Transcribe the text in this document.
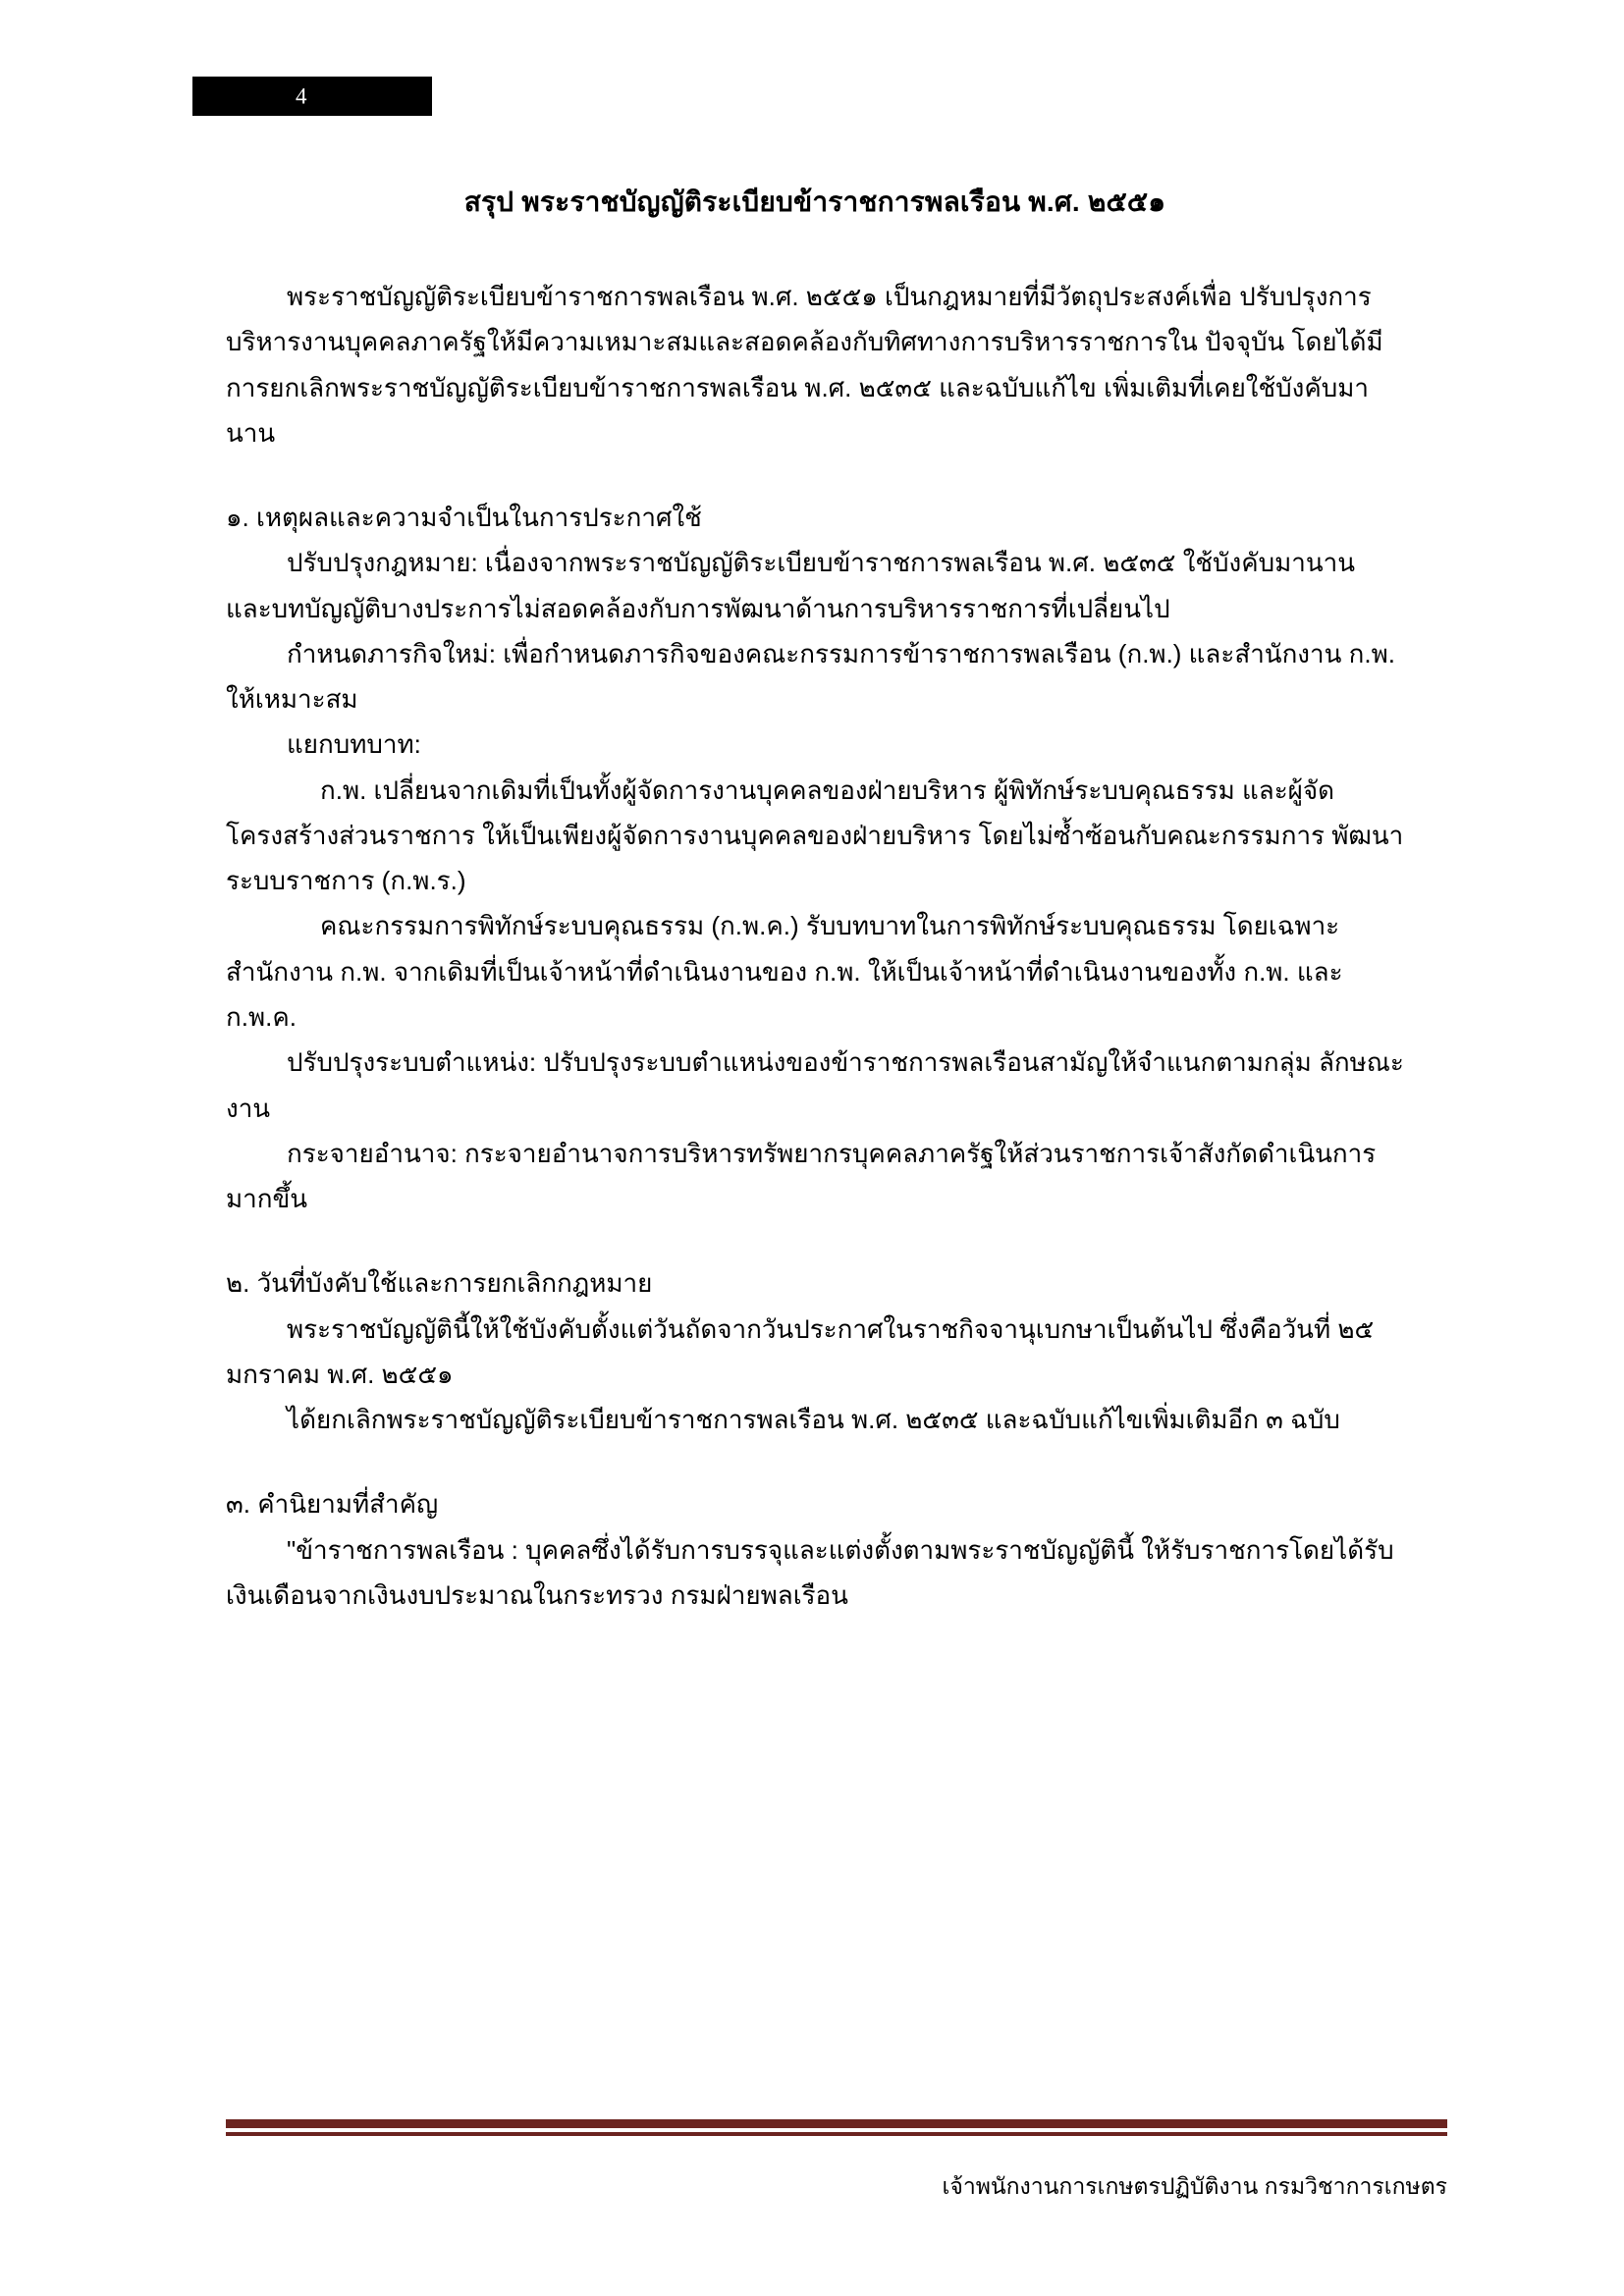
4
สรุป พระราชบัญญัติระเบียบข้าราชการพลเรือน พ.ศ. ๒๕๕๑

พระราชบัญญัติระเบียบข้าราชการพลเรือน พ.ศ. ๒๕๕๑ เป็นกฎหมายที่มีวัตถุประสงค์เพื่อ ปรับปรุงการบริหารงานบุคคลภาครัฐให้มีความเหมาะสมและสอดคล้องกับทิศทางการบริหารราชการใน ปัจจุบัน โดยได้มีการยกเลิกพระราชบัญญัติระเบียบข้าราชการพลเรือน พ.ศ. ๒๕๓๕ และฉบับแก้ไข เพิ่มเติมที่เคยใช้บังคับมานาน

๑. เหตุผลและความจำเป็นในการประกาศใช้

ปรับปรุงกฎหมาย: เนื่องจากพระราชบัญญัติระเบียบข้าราชการพลเรือน พ.ศ. ๒๕๓๕ ใช้บังคับมานาน และบทบัญญัติบางประการไม่สอดคล้องกับการพัฒนาด้านการบริหารราชการที่เปลี่ยนไป

กำหนดภารกิจใหม่: เพื่อกำหนดภารกิจของคณะกรรมการข้าราชการพลเรือน (ก.พ.) และสำนักงาน ก.พ. ให้เหมาะสม

แยกบทบาท:

ก.พ. เปลี่ยนจากเดิมที่เป็นทั้งผู้จัดการงานบุคคลของฝ่ายบริหาร ผู้พิทักษ์ระบบคุณธรรม และผู้จัด โครงสร้างส่วนราชการ ให้เป็นเพียงผู้จัดการงานบุคคลของฝ่ายบริหาร โดยไม่ซ้ำซ้อนกับคณะกรรมการ พัฒนาระบบราชการ (ก.พ.ร.)

คณะกรรมการพิทักษ์ระบบคุณธรรม (ก.พ.ค.) รับบทบาทในการพิทักษ์ระบบคุณธรรม โดยเฉพาะ สำนักงาน ก.พ. จากเดิมที่เป็นเจ้าหน้าที่ดำเนินงานของ ก.พ. ให้เป็นเจ้าหน้าที่ดำเนินงานของทั้ง ก.พ. และ ก.พ.ค.

ปรับปรุงระบบตำแหน่ง: ปรับปรุงระบบตำแหน่งของข้าราชการพลเรือนสามัญให้จำแนกตามกลุ่ม ลักษณะงาน

กระจายอำนาจ: กระจายอำนาจการบริหารทรัพยากรบุคคลภาครัฐให้ส่วนราชการเจ้าสังกัดดำเนินการ มากขึ้น

๒. วันที่บังคับใช้และการยกเลิกกฎหมาย

พระราชบัญญัตินี้ให้ใช้บังคับตั้งแต่วันถัดจากวันประกาศในราชกิจจานุเบกษาเป็นต้นไป ซึ่งคือวันที่ ๒๕ มกราคม พ.ศ. ๒๕๕๑

ได้ยกเลิกพระราชบัญญัติระเบียบข้าราชการพลเรือน พ.ศ. ๒๕๓๕ และฉบับแก้ไขเพิ่มเติมอีก ๓ ฉบับ

๓. คำนิยามที่สำคัญ

"ข้าราชการพลเรือน : บุคคลซึ่งได้รับการบรรจุและแต่งตั้งตามพระราชบัญญัตินี้ ให้รับราชการโดยได้รับ เงินเดือนจากเงินงบประมาณในกระทรวง กรมฝ่ายพลเรือน

เจ้าพนักงานการเกษตรปฏิบัติงาน กรมวิชาการเกษตร
